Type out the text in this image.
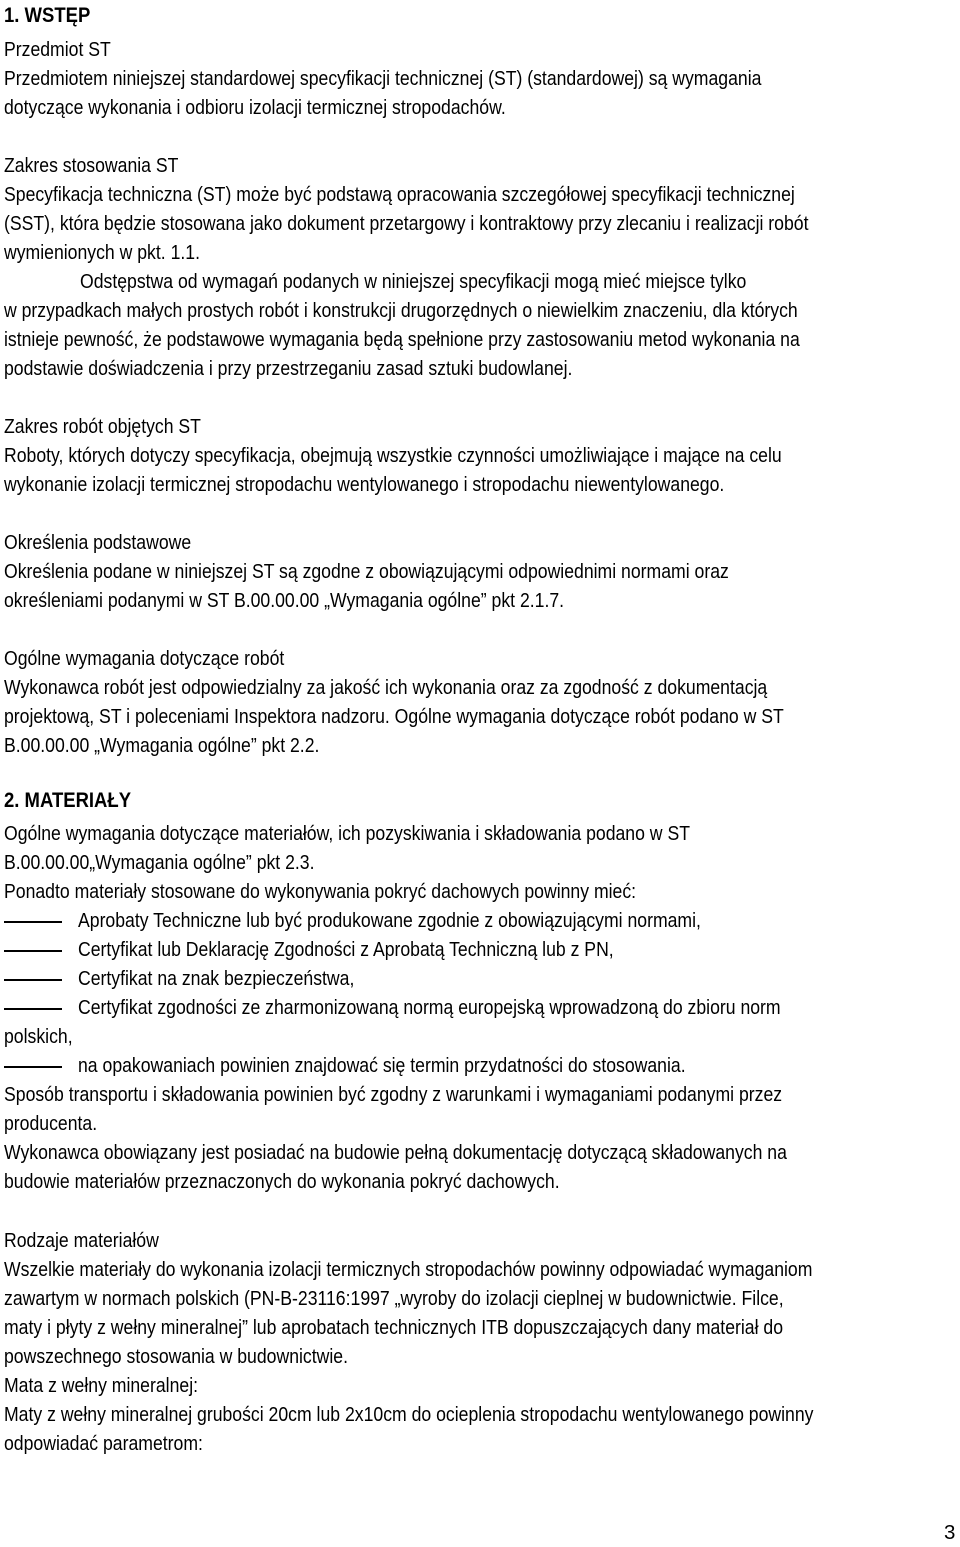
1. WSTĘP
Przedmiot ST
Przedmiotem niniejszej standardowej specyfikacji technicznej (ST) (standardowej) są wymagania
dotyczące wykonania i odbioru izolacji termicznej stropodachów.
Zakres stosowania ST
Specyfikacja techniczna (ST) może być podstawą opracowania szczegółowej specyfikacji technicznej
(SST), która będzie stosowana jako dokument przetargowy i kontraktowy przy zlecaniu i realizacji robót
wymienionych w pkt. 1.1.
Odstępstwa od wymagań podanych w niniejszej specyfikacji mogą mieć miejsce tylko
w przypadkach małych prostych robót i konstrukcji drugorzędnych o niewielkim znaczeniu, dla których
istnieje pewność, że podstawowe wymagania będą spełnione przy zastosowaniu metod wykonania na
podstawie doświadczenia i przy przestrzeganiu zasad sztuki budowlanej.
Zakres robót objętych ST
Roboty, których dotyczy specyfikacja, obejmują wszystkie czynności umożliwiające i mające na celu
wykonanie izolacji termicznej stropodachu wentylowanego i stropodachu niewentylowanego.
Określenia podstawowe
Określenia podane w niniejszej ST są zgodne z obowiązującymi odpowiednimi normami oraz
określeniami podanymi w ST B.00.00.00 „Wymagania ogólne” pkt 2.1.7.
Ogólne wymagania dotyczące robót
Wykonawca robót jest odpowiedzialny za jakość ich wykonania oraz za zgodność z dokumentacją
projektową, ST i poleceniami Inspektora nadzoru. Ogólne wymagania dotyczące robót podano w ST
B.00.00.00 „Wymagania ogólne” pkt 2.2.
2. MATERIAŁY
Ogólne wymagania dotyczące materiałów, ich pozyskiwania i składowania podano w ST
B.00.00.00„Wymagania ogólne” pkt 2.3.
Ponadto materiały stosowane do wykonywania pokryć dachowych powinny mieć:
Aprobaty Techniczne lub być produkowane zgodnie z obowiązującymi normami,
Certyfikat lub Deklarację Zgodności z Aprobatą Techniczną lub z PN,
Certyfikat na znak bezpieczeństwa,
Certyfikat zgodności ze zharmonizowaną normą europejską wprowadzoną do zbioru norm
polskich,
na opakowaniach powinien znajdować się termin przydatności do stosowania.
Sposób transportu i składowania powinien być zgodny z warunkami i wymaganiami podanymi przez
producenta.
Wykonawca obowiązany jest posiadać na budowie pełną dokumentację dotyczącą składowanych na
budowie materiałów przeznaczonych do wykonania pokryć dachowych.
Rodzaje materiałów
Wszelkie materiały do wykonania izolacji termicznych stropodachów powinny odpowiadać wymaganiom
zawartym w normach polskich (PN-B-23116:1997 „wyroby do izolacji cieplnej w budownictwie. Filce,
maty i płyty z wełny mineralnej” lub aprobatach technicznych ITB dopuszczających dany materiał do
powszechnego stosowania w budownictwie.
Mata z wełny mineralnej:
Maty z wełny mineralnej grubości 20cm lub 2x10cm do ocieplenia stropodachu wentylowanego powinny
odpowiadać parametrom:
3
